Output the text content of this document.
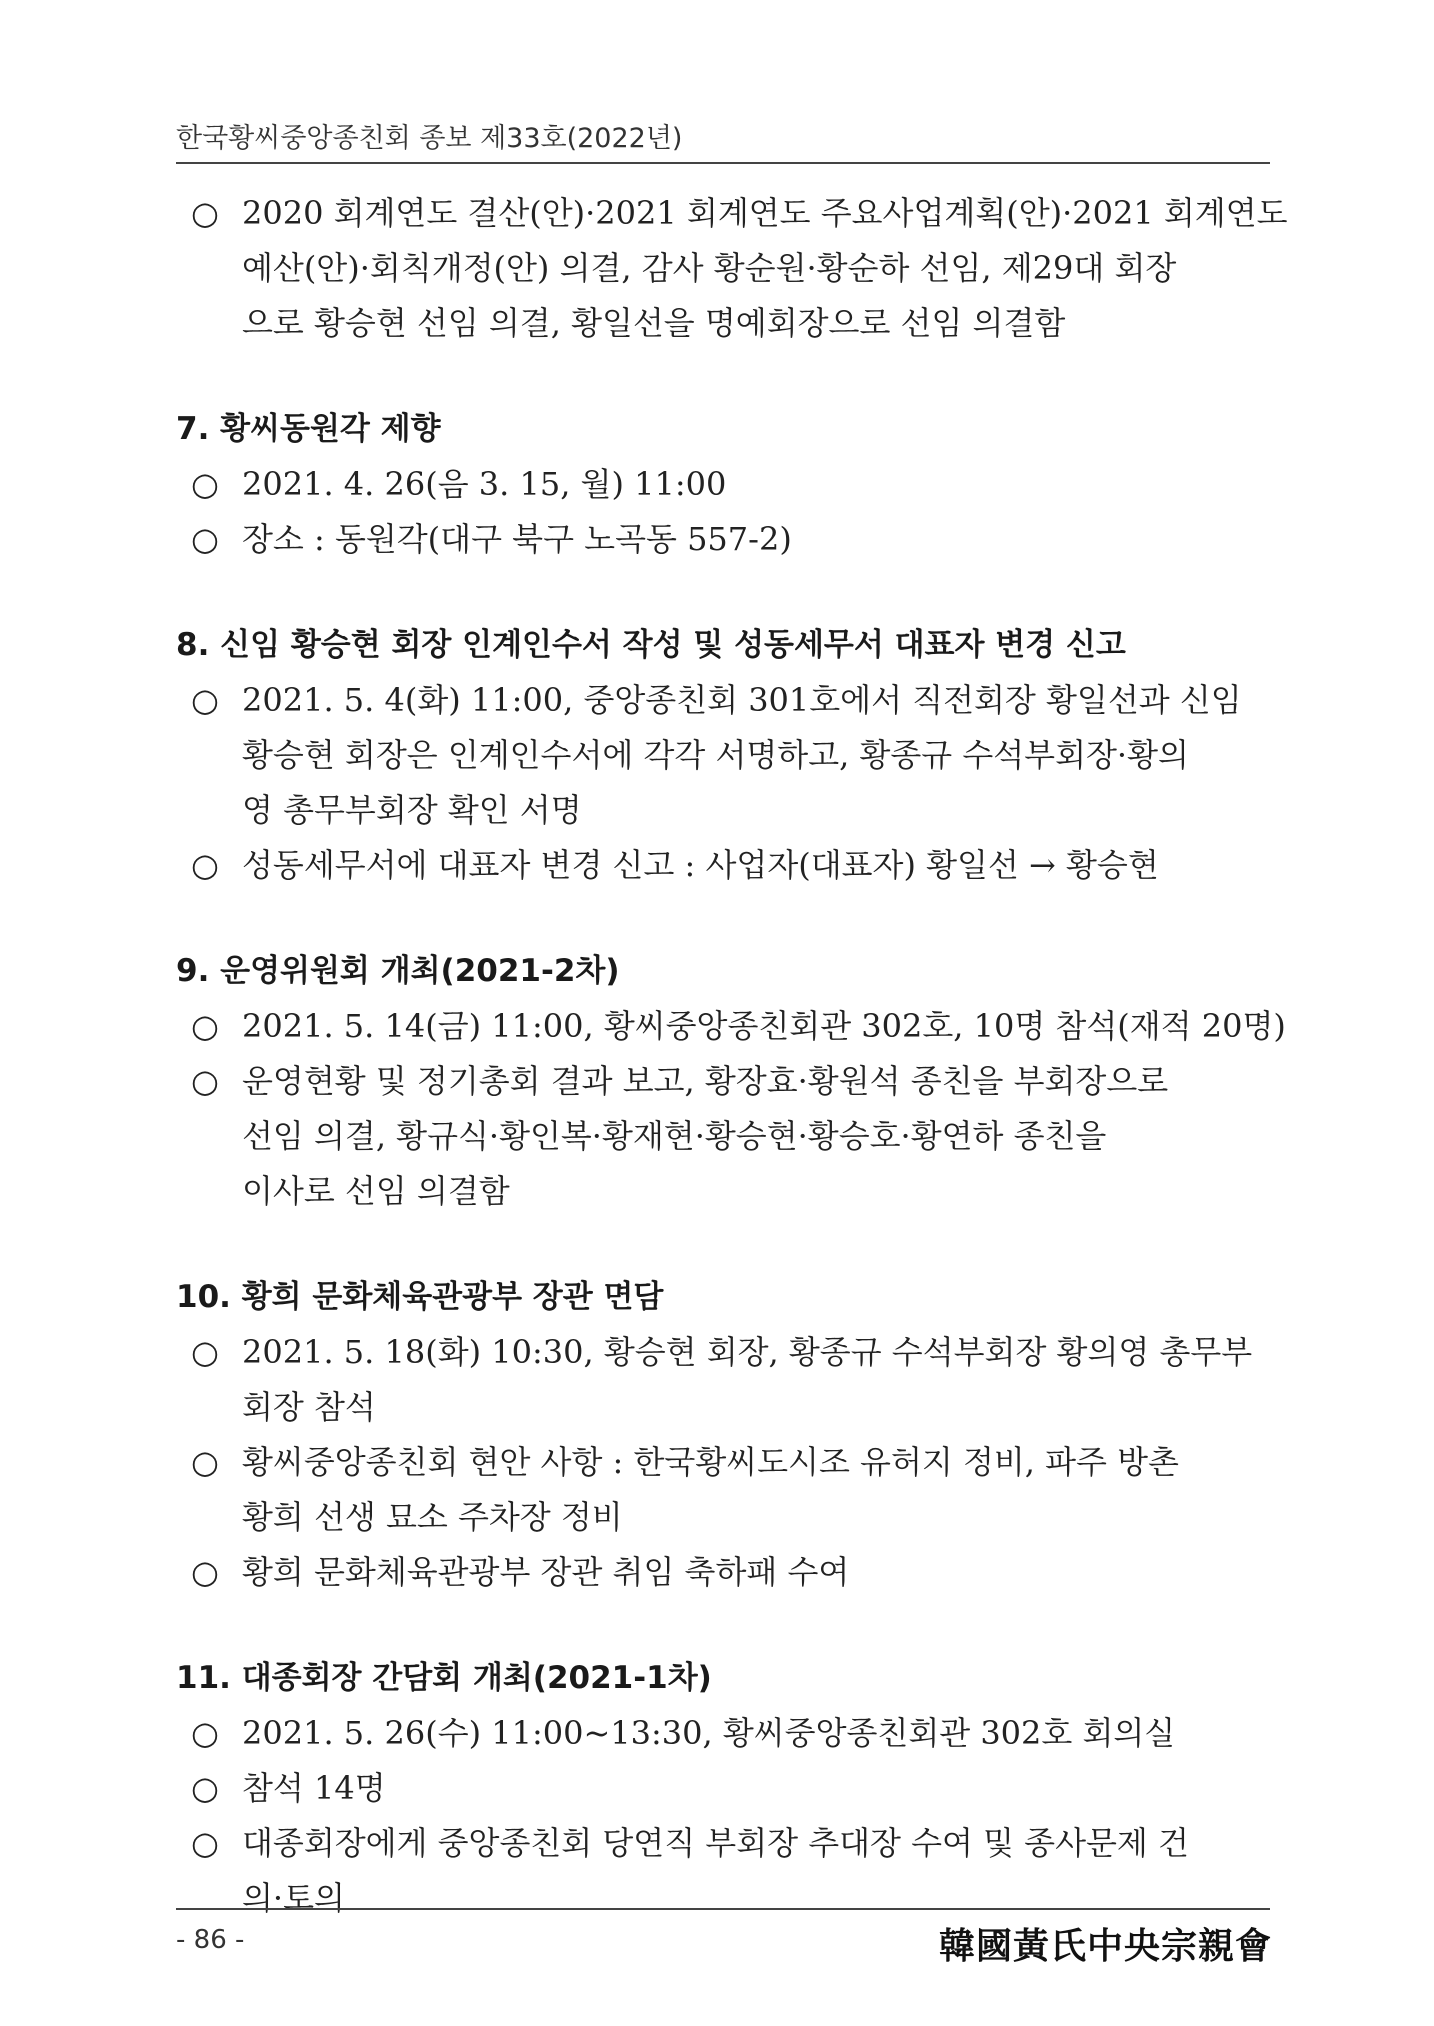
한국황씨중앙종친회 종보 제33호(2022년)
○ 2020 회계연도 결산(안)·2021 회계연도 주요사업계획(안)·2021 회계연도
예산(안)·회칙개정(안) 의결, 감사 황순원·황순하 선임, 제29대 회장
으로 황승현 선임 의결, 황일선을 명예회장으로 선임 의결함
7. 황씨동원각 제향
○ 2021. 4. 26(음 3. 15, 월) 11:00
○ 장소 : 동원각(대구 북구 노곡동 557-2)
8. 신임 황승현 회장 인계인수서 작성 및 성동세무서 대표자 변경 신고
○ 2021. 5. 4(화) 11:00, 중앙종친회 301호에서 직전회장 황일선과 신임
황승현 회장은 인계인수서에 각각 서명하고, 황종규 수석부회장·황의
영 총무부회장 확인 서명
○ 성동세무서에 대표자 변경 신고 : 사업자(대표자) 황일선 → 황승현
9. 운영위원회 개최(2021-2차)
○ 2021. 5. 14(금) 11:00, 황씨중앙종친회관 302호, 10명 참석(재적 20명)
○ 운영현황 및 정기총회 결과 보고, 황장효·황원석 종친을 부회장으로
선임 의결, 황규식·황인복·황재현·황승현·황승호·황연하 종친을
이사로 선임 의결함
10. 황희 문화체육관광부 장관 면담
○ 2021. 5. 18(화) 10:30, 황승현 회장, 황종규 수석부회장 황의영 총무부
회장 참석
○ 황씨중앙종친회 현안 사항 : 한국황씨도시조 유허지 정비, 파주 방촌
황희 선생 묘소 주차장 정비
○ 황희 문화체육관광부 장관 취임 축하패 수여
11. 대종회장 간담회 개최(2021-1차)
○ 2021. 5. 26(수) 11:00~13:30, 황씨중앙종친회관 302호 회의실
○ 참석 14명
○ 대종회장에게 중앙종친회 당연직 부회장 추대장 수여 및 종사문제 건
의·토의
- 86 -	韓國黃氏中央宗親會
